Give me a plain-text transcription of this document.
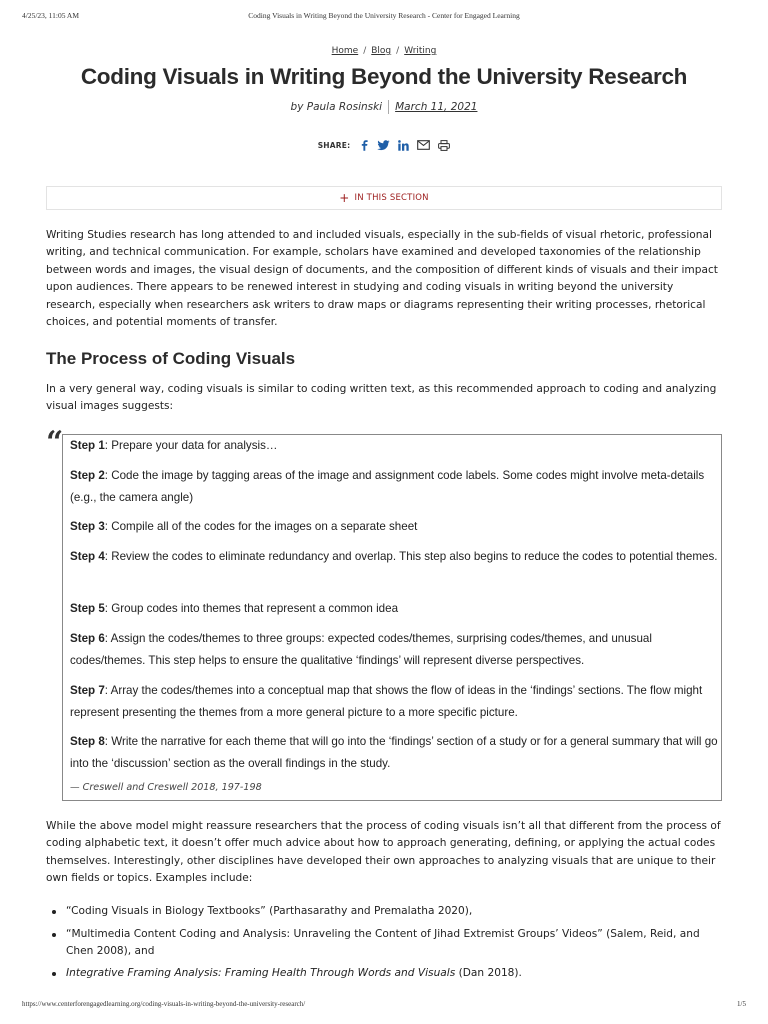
4/25/23, 11:05 AM	Coding Visuals in Writing Beyond the University Research - Center for Engaged Learning
Home / Blog / Writing
Coding Visuals in Writing Beyond the University Research
by Paula Rosinski March 11, 2021
SHARE:
+ IN THIS SECTION

Writing Studies research has long attended to and included visuals, especially in the sub-fields of visual rhetoric, professional writing, and technical communication. For example, scholars have examined and developed taxonomies of the relationship between words and images, the visual design of documents, and the composition of different kinds of visuals and their impact upon audiences. There appears to be renewed interest in studying and coding visuals in writing beyond the university research, especially when researchers ask writers to draw maps or diagrams representing their writing processes, rhetorical choices, and potential moments of transfer.

The Process of Coding Visuals

In a very general way, coding visuals is similar to coding written text, as this recommended approach to coding and analyzing visual images suggests:

“ Step 1: Prepare your data for analysis…

Step 2: Code the image by tagging areas of the image and assignment code labels. Some codes might involve meta-details (e.g., the camera angle)

Step 3: Compile all of the codes for the images on a separate sheet

Step 4: Review the codes to eliminate redundancy and overlap. This step also begins to reduce the codes to potential themes.

Step 5: Group codes into themes that represent a common idea

Step 6: Assign the codes/themes to three groups: expected codes/themes, surprising codes/themes, and unusual codes/themes. This step helps to ensure the qualitative ‘findings’ will represent diverse perspectives.

Step 7: Array the codes/themes into a conceptual map that shows the flow of ideas in the ‘findings’ sections. The flow might represent presenting the themes from a more general picture to a more specific picture.

Step 8: Write the narrative for each theme that will go into the ‘findings’ section of a study or for a general summary that will go into the ‘discussion’ section as the overall findings in the study.

— Creswell and Creswell 2018, 197-198

While the above model might reassure researchers that the process of coding visuals isn’t all that different from the process of coding alphabetic text, it doesn’t offer much advice about how to approach generating, defining, or applying the actual codes themselves. Interestingly, other disciplines have developed their own approaches to analyzing visuals that are unique to their own fields or topics. Examples include:

“Coding Visuals in Biology Textbooks” (Parthasarathy and Premalatha 2020),
“Multimedia Content Coding and Analysis: Unraveling the Content of Jihad Extremist Groups’ Videos” (Salem, Reid, and Chen 2008), and
Integrative Framing Analysis: Framing Health Through Words and Visuals (Dan 2018).
https://www.centerforengagedlearning.org/coding-visuals-in-writing-beyond-the-university-research/	1/5
